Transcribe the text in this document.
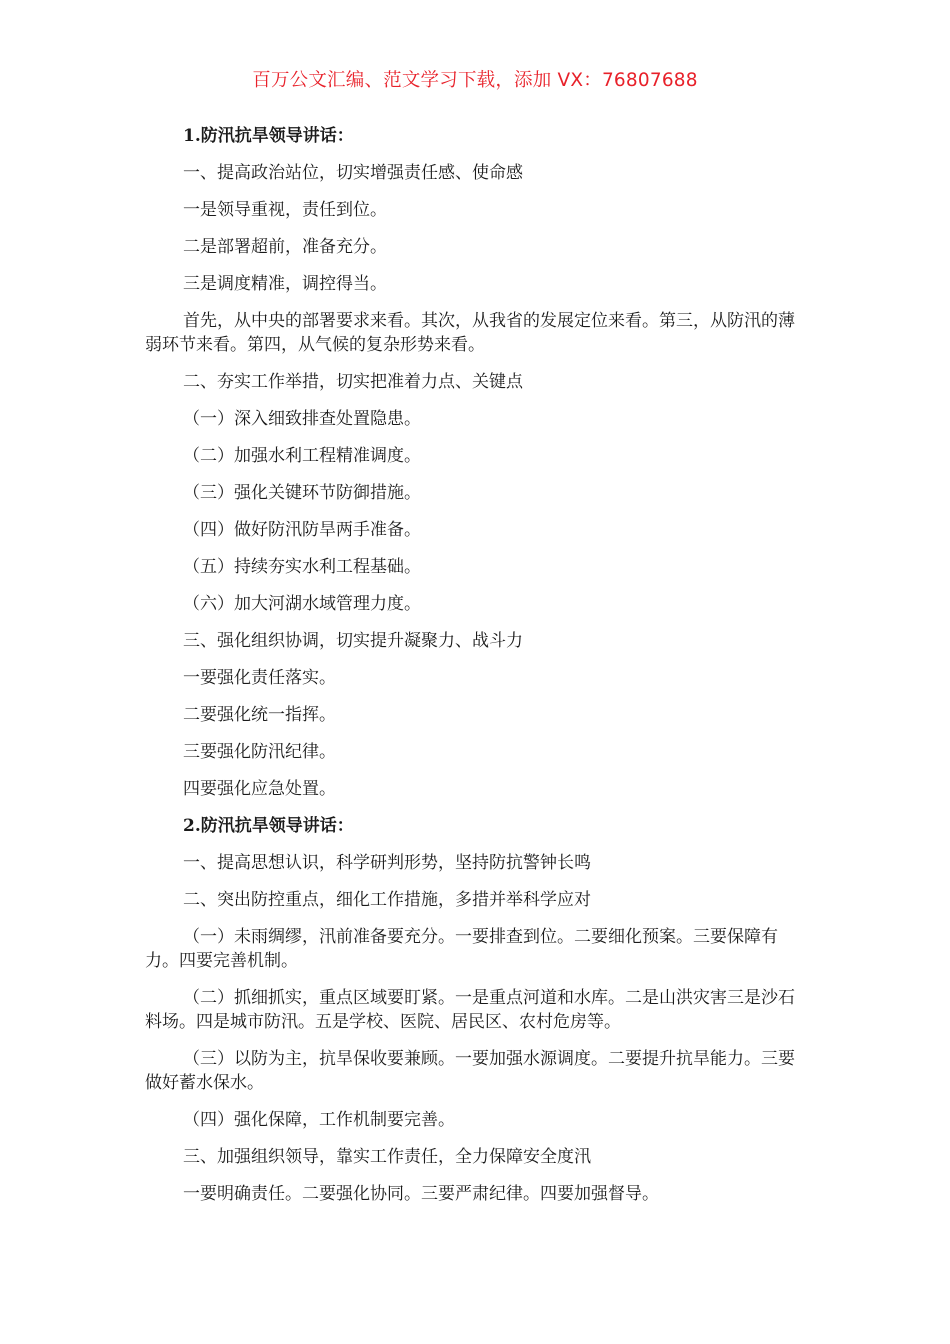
百万公文汇编、范文学习下载，添加 VX：76807688

1.防汛抗旱领导讲话：

一、提高政治站位，切实增强责任感、使命感

一是领导重视，责任到位。

二是部署超前，准备充分。

三是调度精准，调控得当。

首先，从中央的部署要求来看。其次，从我省的发展定位来看。第三，从防汛的薄弱环节来看。第四，从气候的复杂形势来看。

二、夯实工作举措，切实把准着力点、关键点

（一）深入细致排查处置隐患。

（二）加强水利工程精准调度。

（三）强化关键环节防御措施。

（四）做好防汛防旱两手准备。

（五）持续夯实水利工程基础。

（六）加大河湖水域管理力度。

三、强化组织协调，切实提升凝聚力、战斗力

一要强化责任落实。

二要强化统一指挥。

三要强化防汛纪律。

四要强化应急处置。

2.防汛抗旱领导讲话：

一、提高思想认识，科学研判形势，坚持防抗警钟长鸣

二、突出防控重点，细化工作措施，多措并举科学应对

（一）未雨绸缪，汛前准备要充分。一要排查到位。二要细化预案。三要保障有力。四要完善机制。

（二）抓细抓实，重点区域要盯紧。一是重点河道和水库。二是山洪灾害三是沙石料场。四是城市防汛。五是学校、医院、居民区、农村危房等。

（三）以防为主，抗旱保收要兼顾。一要加强水源调度。二要提升抗旱能力。三要做好蓄水保水。

（四）强化保障，工作机制要完善。

三、加强组织领导，靠实工作责任，全力保障安全度汛

一要明确责任。二要强化协同。三要严肃纪律。四要加强督导。
